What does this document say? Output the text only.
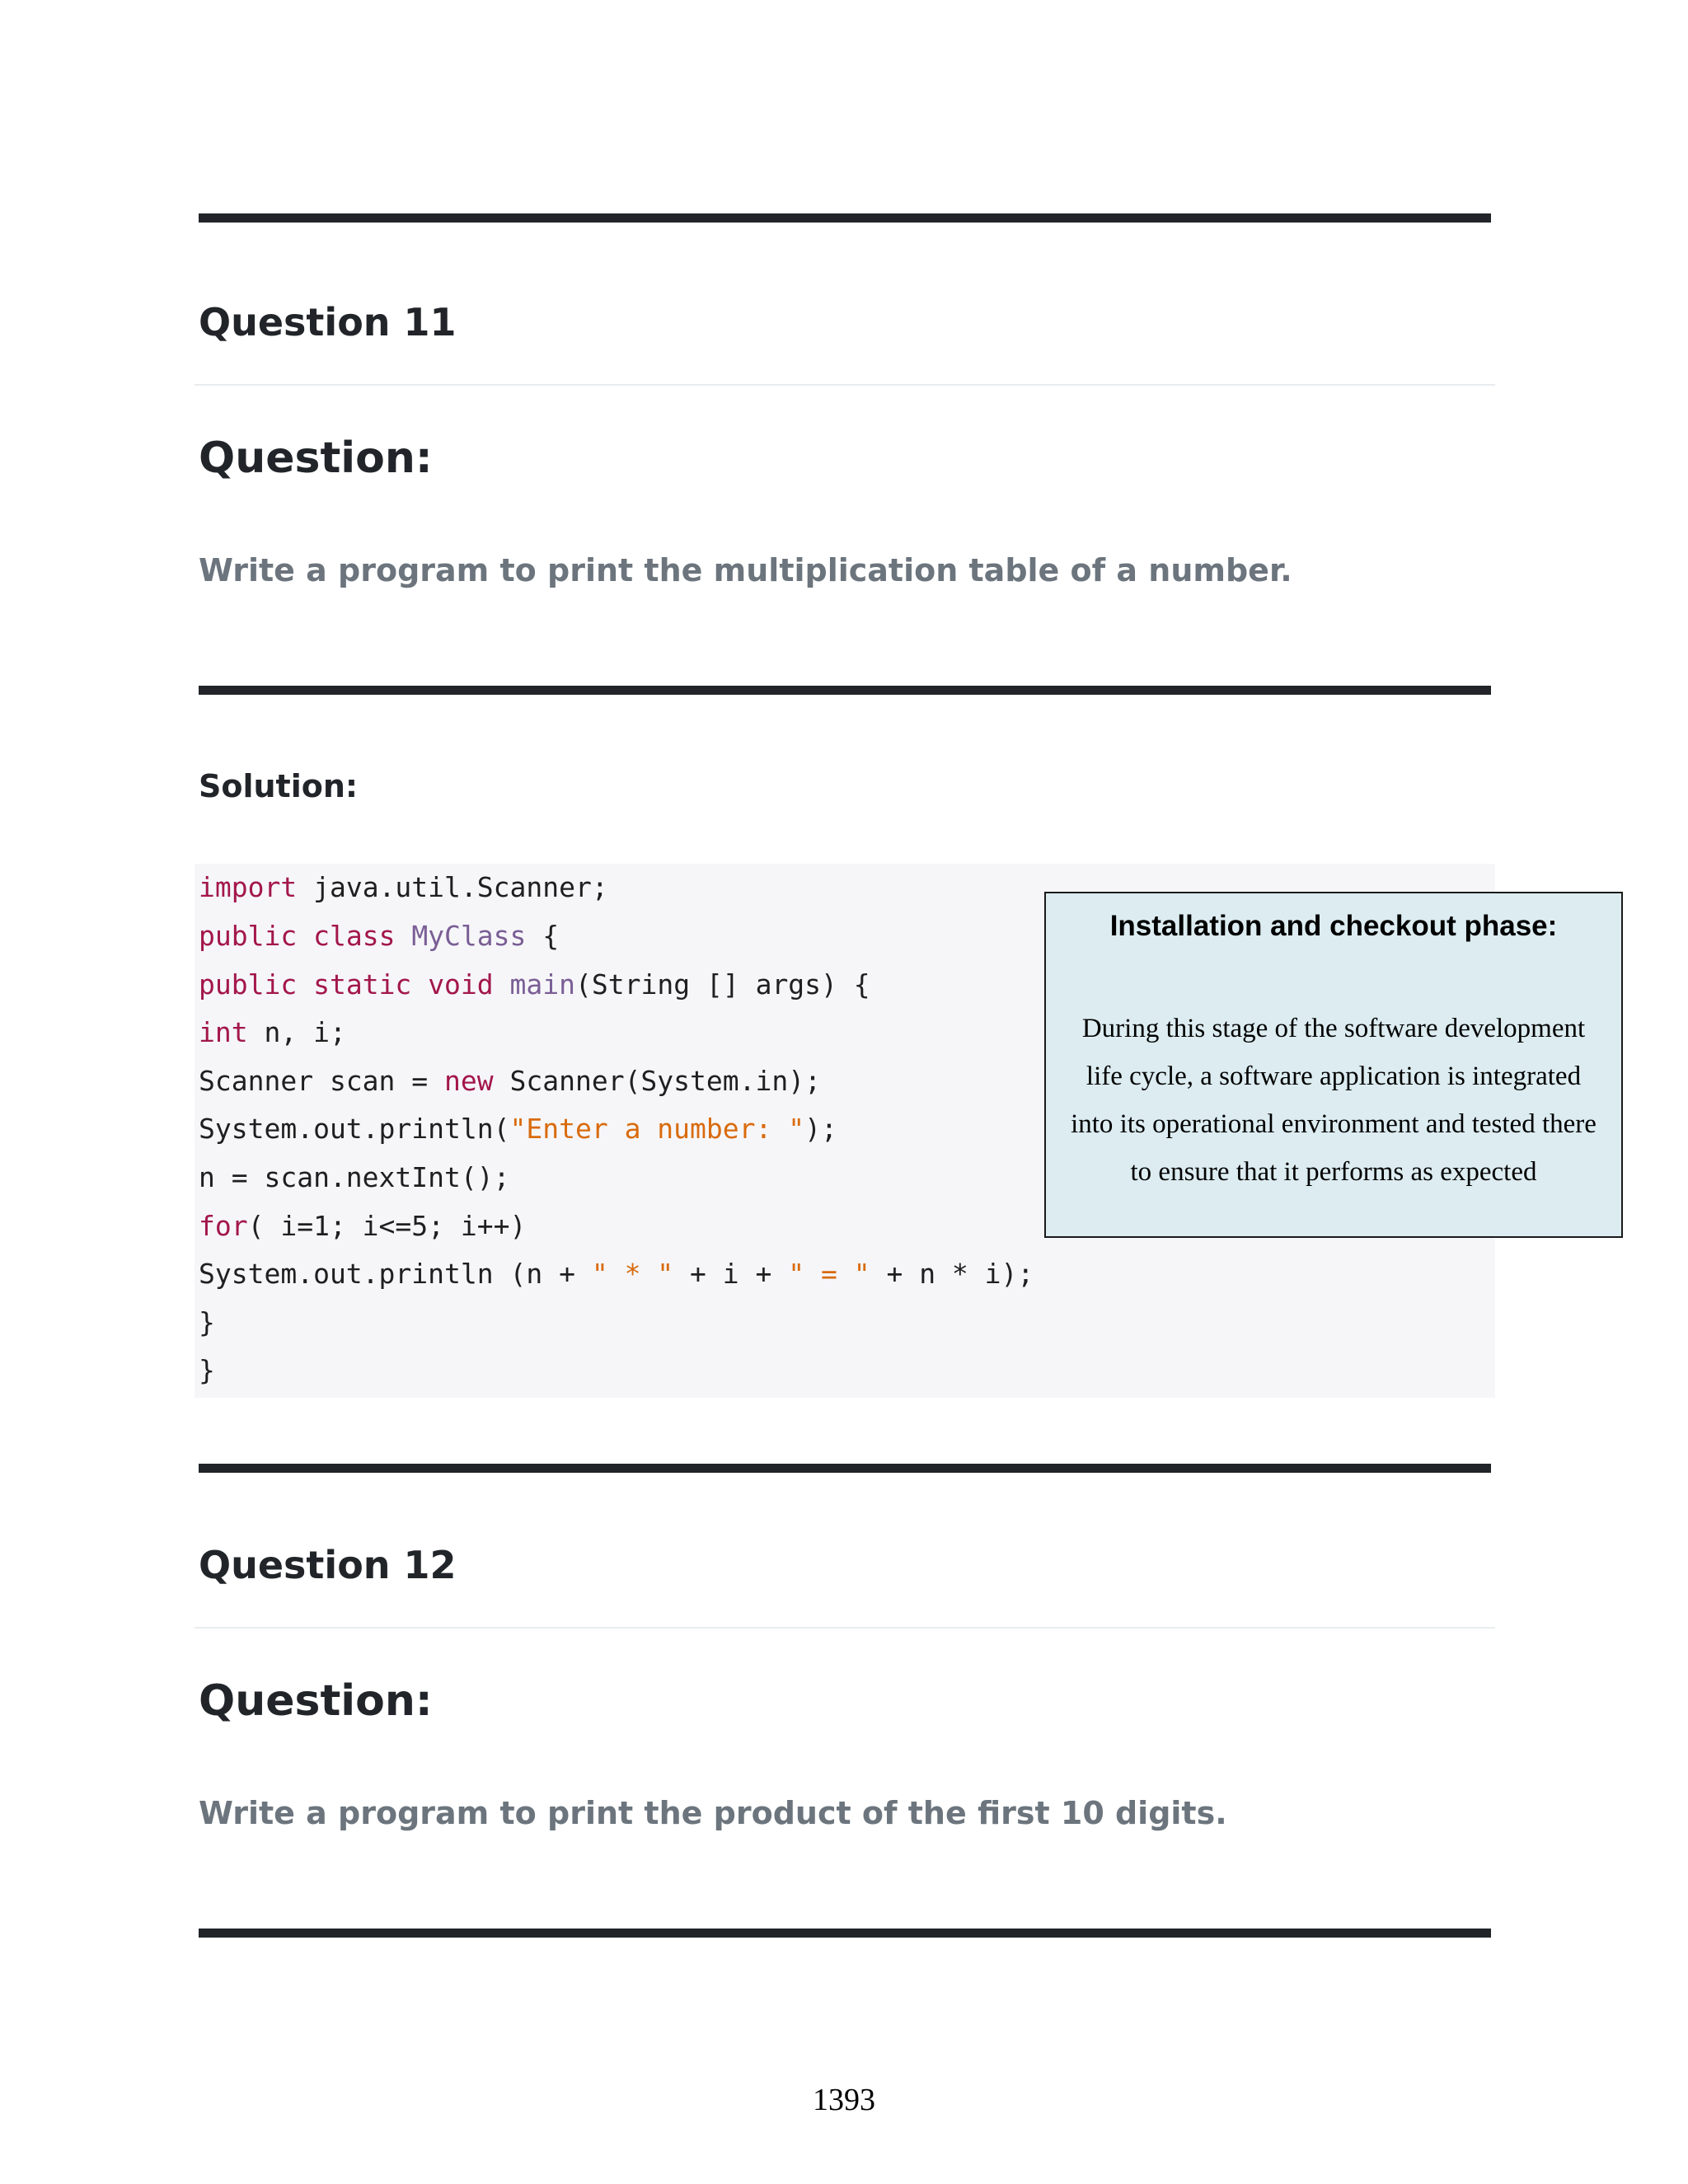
Question 11
Question:

Write a program to print the multiplication table of a number.

Solution:
import java.util.Scanner;
public class MyClass {
public static void main(String [] args) {
int n, i;
Scanner scan = new Scanner(System.in);
System.out.println("Enter a number: ");
n = scan.nextInt();
for( i=1; i<=5; i++)
System.out.println (n + " * " + i + " = " + n * i);
}
}
Installation and checkout phase:
During this stage of the software development
life cycle, a software application is integrated
into its operational environment and tested there
to ensure that it performs as expected
Question 12
Question:

Write a program to print the product of the first 10 digits.

1393
